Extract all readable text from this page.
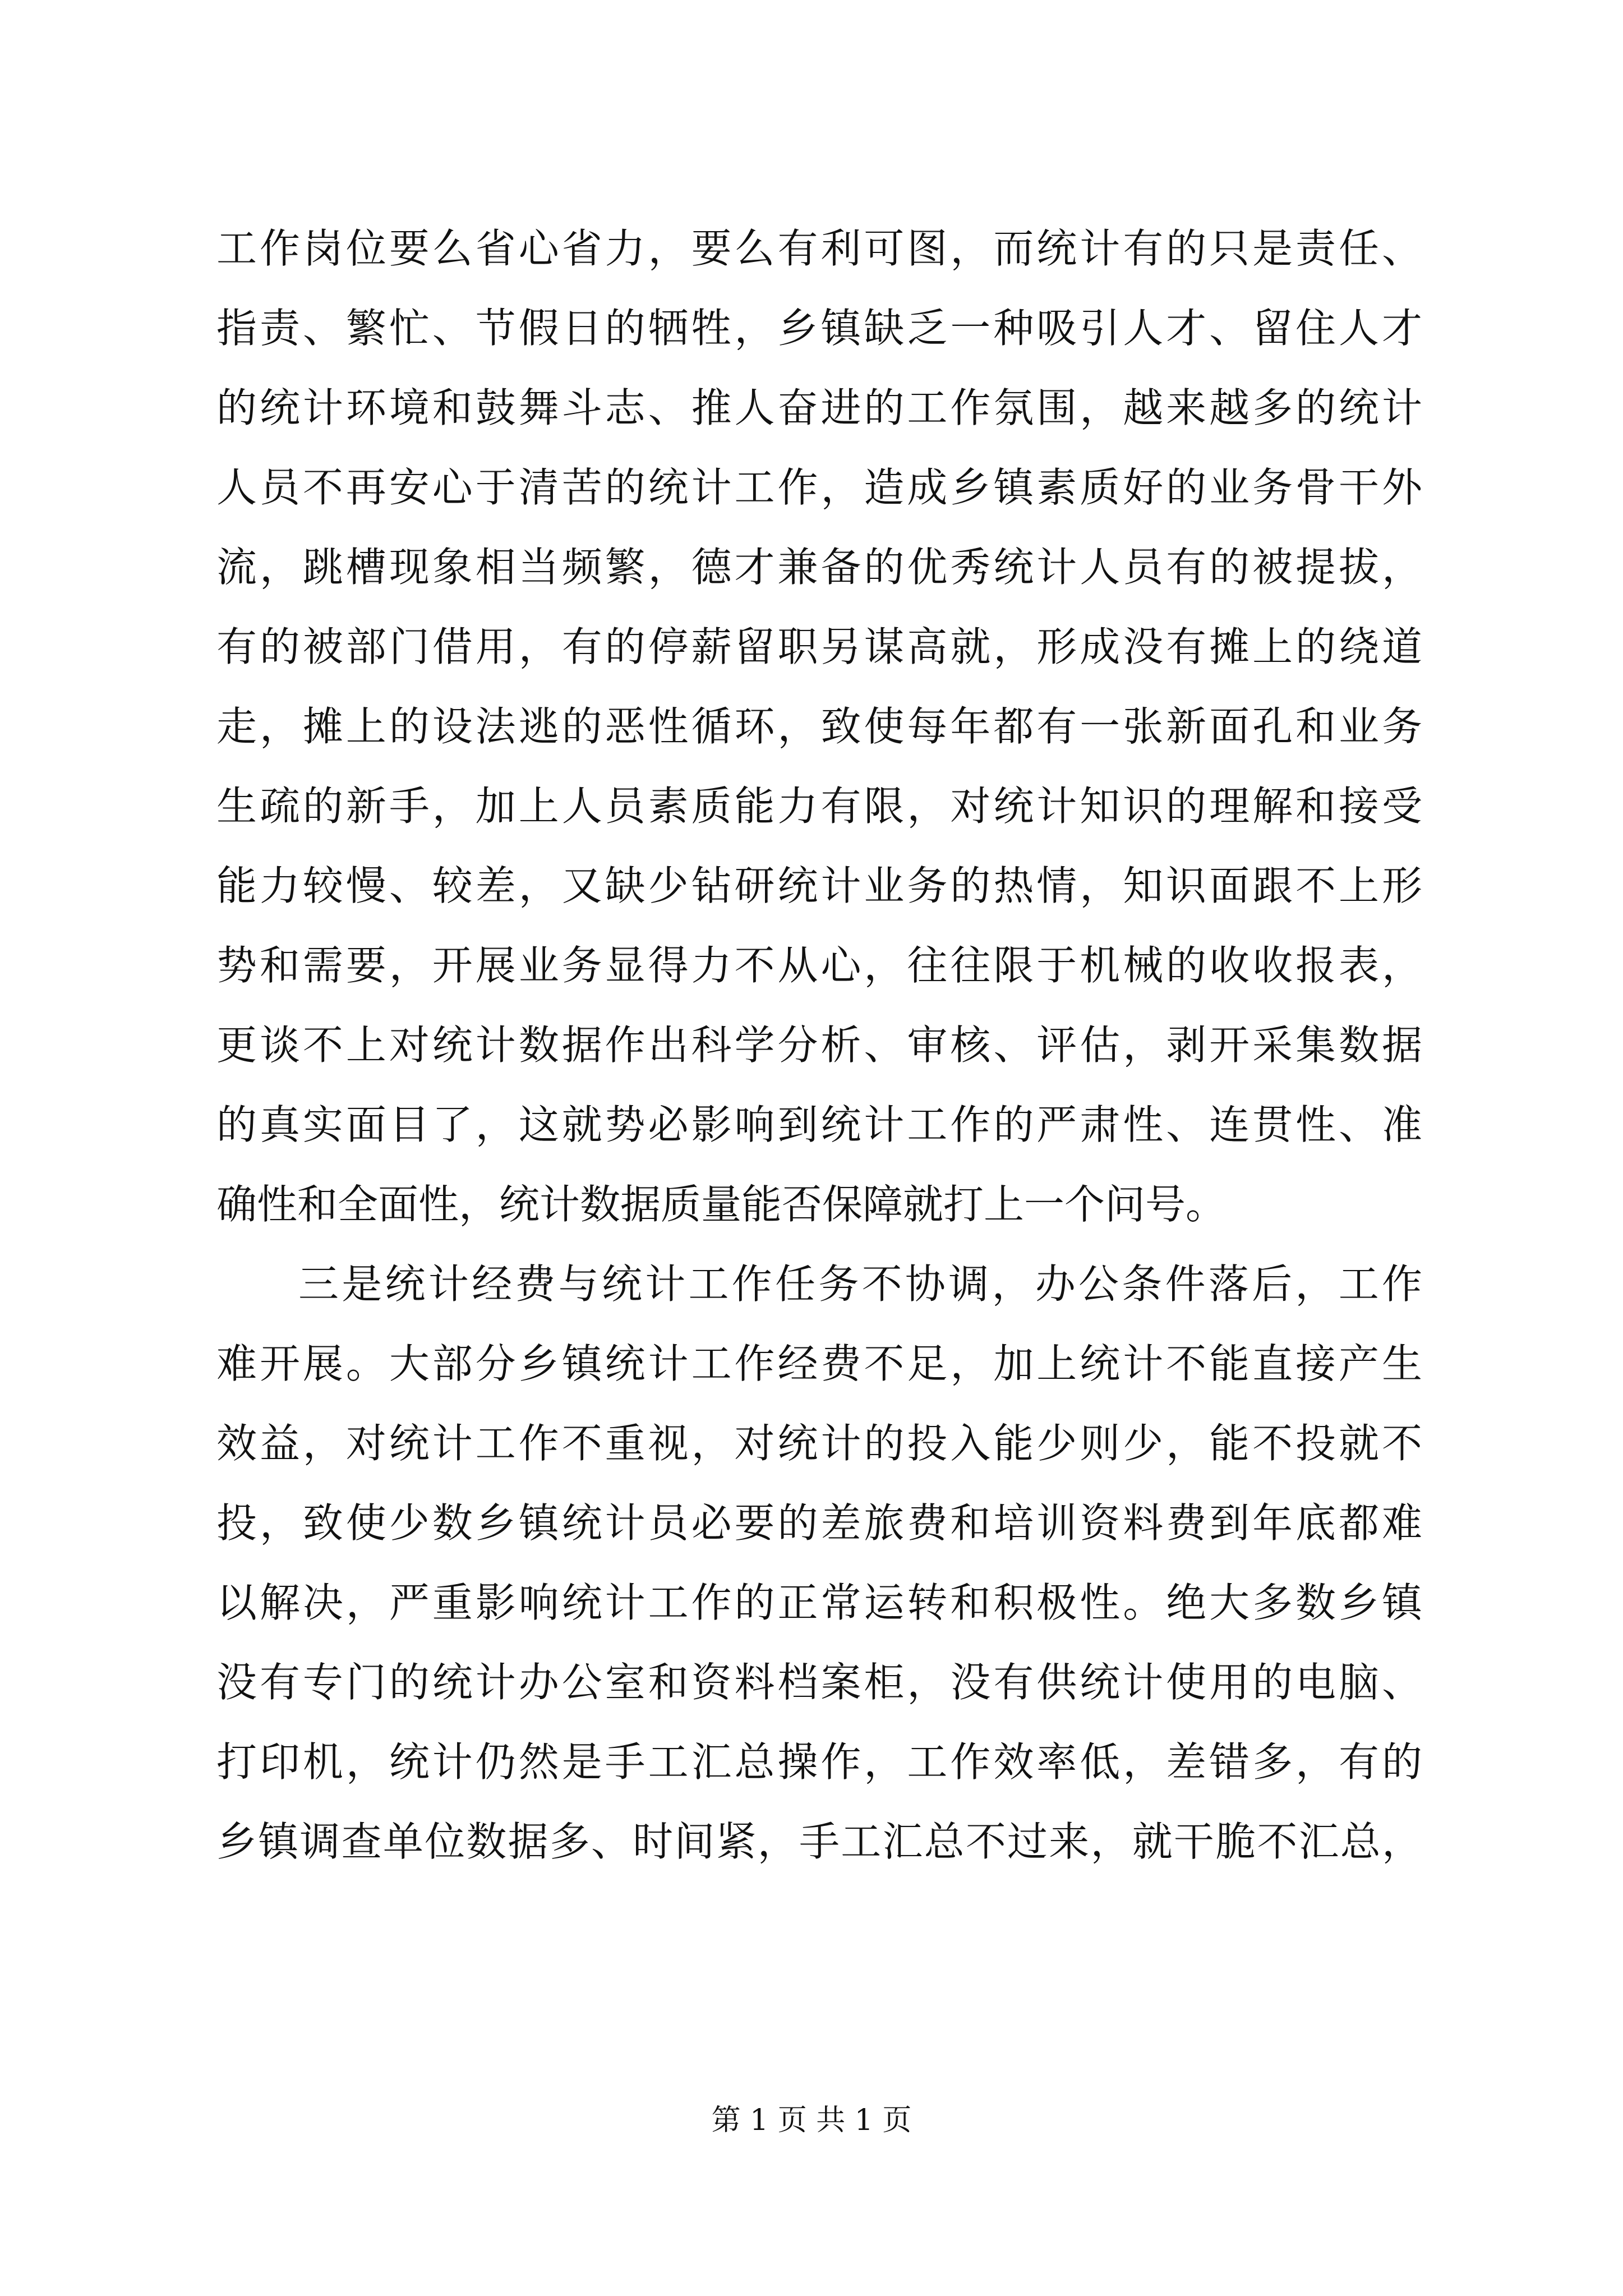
工作岗位要么省心省力，要么有利可图，而统计有的只是责任、
指责、繁忙、节假日的牺牲，乡镇缺乏一种吸引人才、留住人才
的统计环境和鼓舞斗志、推人奋进的工作氛围，越来越多的统计
人员不再安心于清苦的统计工作，造成乡镇素质好的业务骨干外
流，跳槽现象相当频繁，德才兼备的优秀统计人员有的被提拔，
有的被部门借用，有的停薪留职另谋高就，形成没有摊上的绕道
走，摊上的设法逃的恶性循环，致使每年都有一张新面孔和业务
生疏的新手，加上人员素质能力有限，对统计知识的理解和接受
能力较慢、较差，又缺少钻研统计业务的热情，知识面跟不上形
势和需要，开展业务显得力不从心，往往限于机械的收收报表，
更谈不上对统计数据作出科学分析、审核、评估，剥开采集数据
的真实面目了，这就势必影响到统计工作的严肃性、连贯性、准
确性和全面性，统计数据质量能否保障就打上一个问号。
三是统计经费与统计工作任务不协调，办公条件落后，工作
难开展。大部分乡镇统计工作经费不足，加上统计不能直接产生
效益，对统计工作不重视，对统计的投入能少则少，能不投就不
投，致使少数乡镇统计员必要的差旅费和培训资料费到年底都难
以解决，严重影响统计工作的正常运转和积极性。绝大多数乡镇
没有专门的统计办公室和资料档案柜，没有供统计使用的电脑、
打印机，统计仍然是手工汇总操作，工作效率低，差错多，有的
乡镇调查单位数据多、时间紧，手工汇总不过来，就干脆不汇总，
第 1 页 共 1 页
